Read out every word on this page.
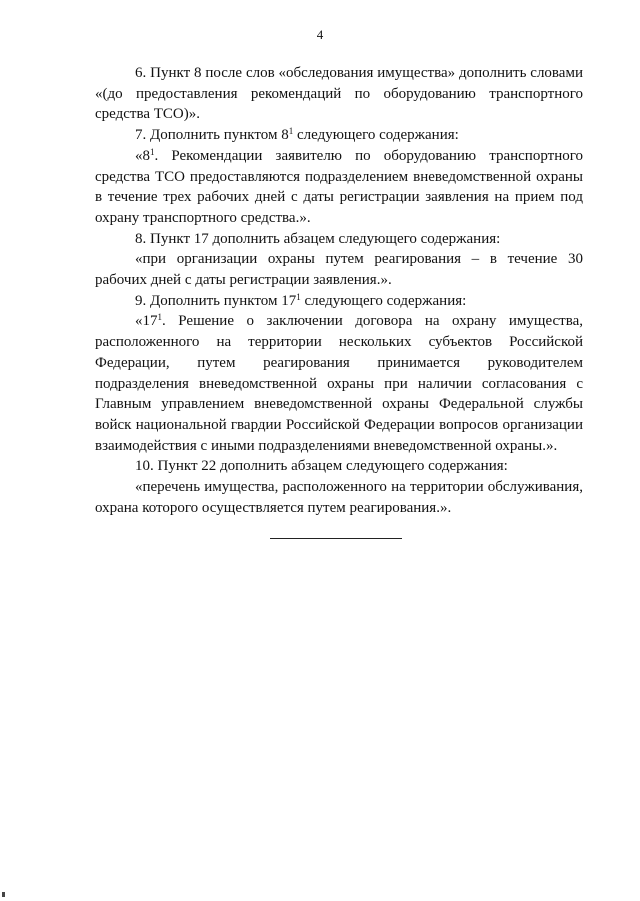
4

6. Пункт 8 после слов «обследования имущества» дополнить словами «(до предоставления рекомендаций по оборудованию транспортного средства ТСО)».

7. Дополнить пунктом $8^1$ следующего содержания:

«$8^1$. Рекомендации заявителю по оборудованию транспортного средства ТСО предоставляются подразделением вневедомственной охраны в течение трех рабочих дней с даты регистрации заявления на прием под охрану транспортного средства.».

8. Пункт 17 дополнить абзацем следующего содержания:

«при организации охраны путем реагирования – в течение 30 рабочих дней с даты регистрации заявления.».

9. Дополнить пунктом $17^1$ следующего содержания:

«$17^1$. Решение о заключении договора на охрану имущества, расположенного на территории нескольких субъектов Российской Федерации, путем реагирования принимается руководителем подразделения вневедомственной охраны при наличии согласования с Главным управлением вневедомственной охраны Федеральной службы войск национальной гвардии Российской Федерации вопросов организации взаимодействия с иными подразделениями вневедомственной охраны.».

10. Пункт 22 дополнить абзацем следующего содержания:

«перечень имущества, расположенного на территории обслуживания, охрана которого осуществляется путем реагирования.».
